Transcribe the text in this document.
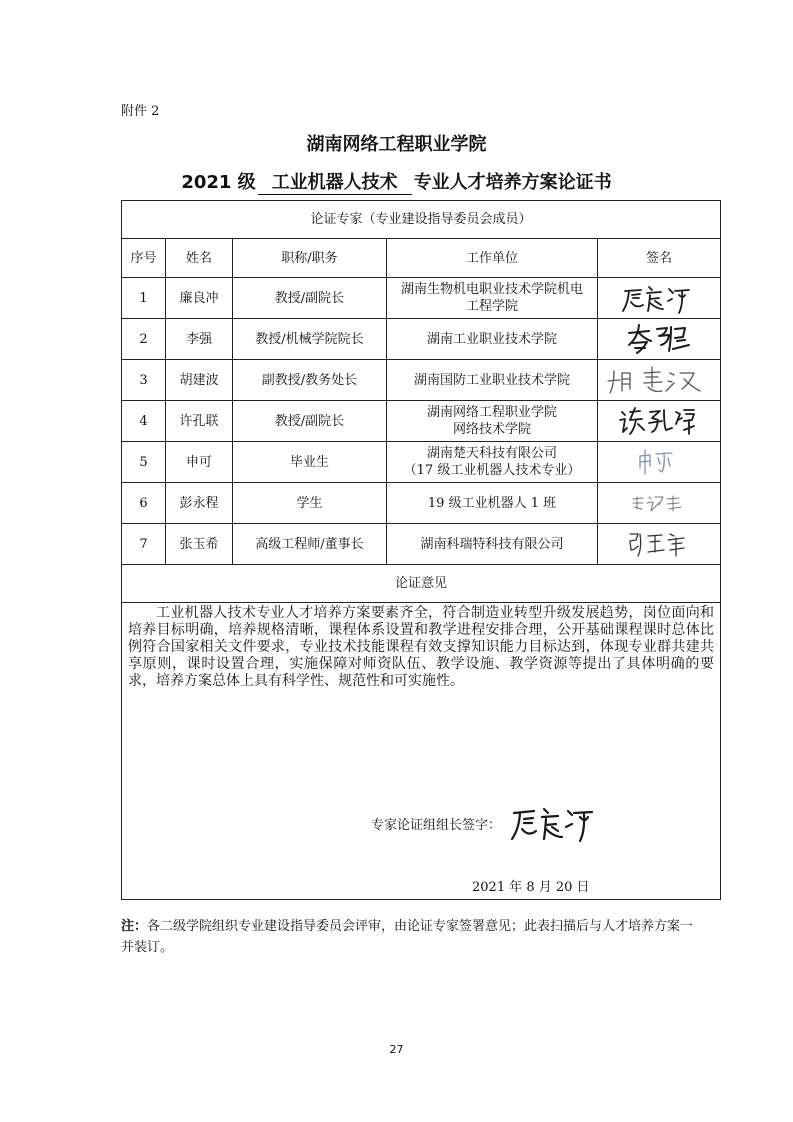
附件 2
湖南网络工程职业学院
2021 级 工业机器人技术 专业人才培养方案论证书
论证专家（专业建设指导委员会成员）				
序号	姓名	职称/职务	工作单位	签名
1	廉良冲	教授/副院长	湖南生物机电职业技术学院机电
工程学院

2	李强	教授/机械学院院长	湖南工业职业技术学院

3	胡建波	副教授/教务处长	湖南国防工业职业技术学院

4	许孔联	教授/副院长	湖南网络工程职业学院
网络技术学院

5	申可	毕业生	湖南楚天科技有限公司
（17 级工业机器人技术专业）

6	彭永程	学生	19 级工业机器人 1 班

7	张玉希	高级工程师/董事长	湖南科瑞特科技有限公司

论证意见				
工业机器人技术专业人才培养方案要素齐全，符合制造业转型升级发展趋势，岗位面向和培养目标明确，培养规格清晰，课程体系设置和教学进程安排合理，公开基础课程课时总体比例符合国家相关文件要求，专业技术技能课程有效支撑知识能力目标达到，体现专业群共建共享原则，课时设置合理，实施保障对师资队伍、教学设施、教学资源等提出了具体明确的要求，培养方案总体上具有科学性、规范性和可实施性。				

专家论证组组长签字：
2021 年 8 月 20 日				
注：各二级学院组织专业建设指导委员会评审，由论证专家签署意见；此表扫描后与人才培养方案一并装订。
27
